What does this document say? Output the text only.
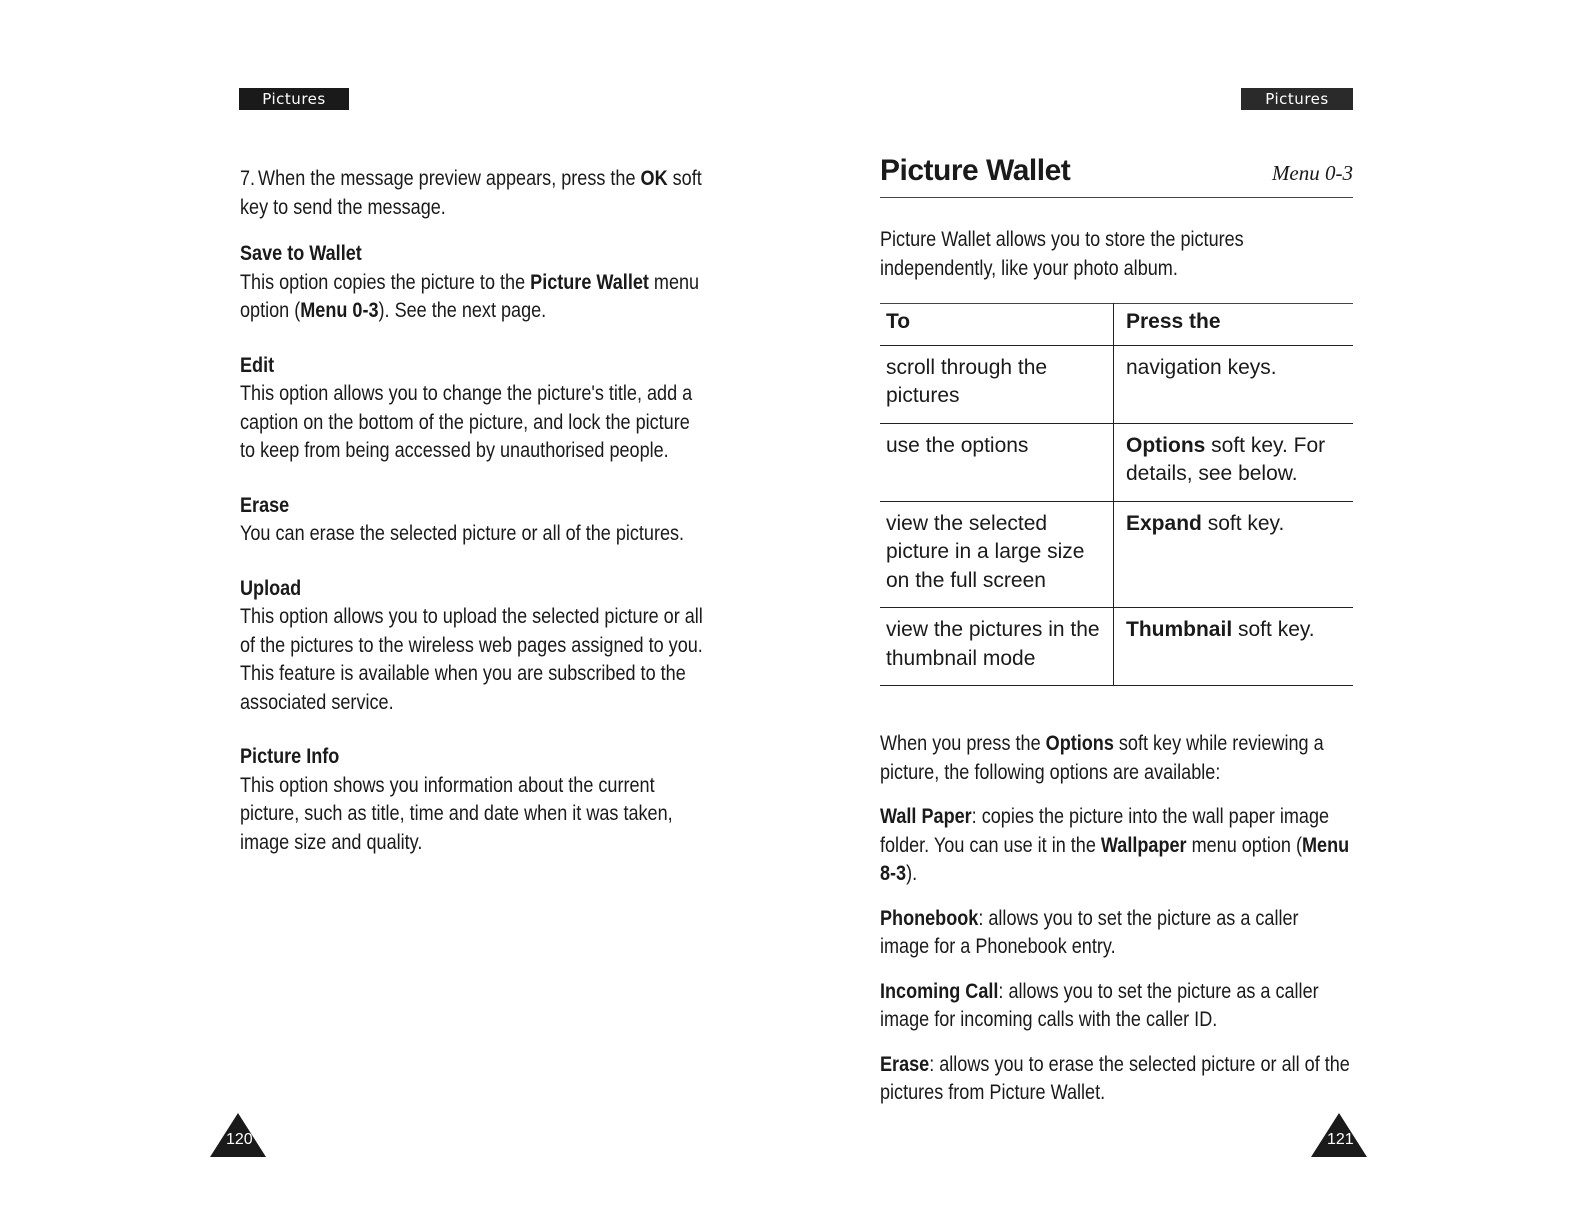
Pictures	Pictures
7. When the message preview appears, press the OK soft key to send the message.
Save to Wallet
This option copies the picture to the Picture Wallet menu option (Menu 0-3). See the next page.
Edit
This option allows you to change the picture's title, add a caption on the bottom of the picture, and lock the picture to keep from being accessed by unauthorised people.
Erase
You can erase the selected picture or all of the pictures.
Upload
This option allows you to upload the selected picture or all of the pictures to the wireless web pages assigned to you. This feature is available when you are subscribed to the associated service.
Picture Info
This option shows you information about the current picture, such as title, time and date when it was taken, image size and quality.
Picture Wallet	Menu 0-3
Picture Wallet allows you to store the pictures independently, like your photo album.
To	Press the
scroll through the pictures	navigation keys.
use the options	Options soft key. For details, see below.
view the selected picture in a large size on the full screen	Expand soft key.
view the pictures in the thumbnail mode	Thumbnail soft key.
When you press the Options soft key while reviewing a picture, the following options are available:
Wall Paper: copies the picture into the wall paper image folder. You can use it in the Wallpaper menu option (Menu 8-3).
Phonebook: allows you to set the picture as a caller image for a Phonebook entry.
Incoming Call: allows you to set the picture as a caller image for incoming calls with the caller ID.
Erase: allows you to erase the selected picture or all of the pictures from Picture Wallet.
120	121
